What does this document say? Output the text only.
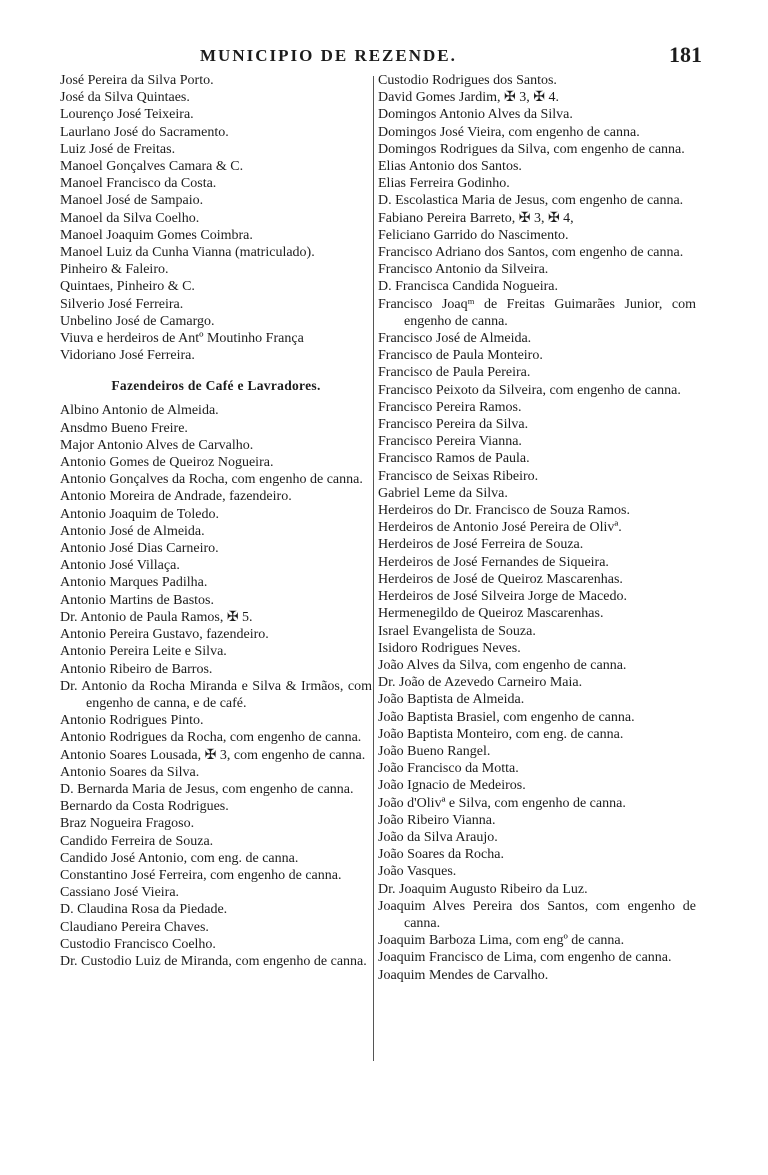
MUNICIPIO DE REZENDE.	181
José Pereira da Silva Porto.
José da Silva Quintaes.
Lourenço José Teixeira.
Laurlano José do Sacramento.
Luiz José de Freitas.
Manoel Gonçalves Camara & C.
Manoel Francisco da Costa.
Manoel José de Sampaio.
Manoel da Silva Coelho.
Manoel Joaquim Gomes Coimbra.
Manoel Luiz da Cunha Vianna (matriculado).
Pinheiro & Faleiro.
Quintaes, Pinheiro & C.
Silverio José Ferreira.
Unbelino José de Camargo.
Viuva e herdeiros de Antº Moutinho França
Vidoriano José Ferreira.
Fazendeiros de Café e Lavradores.
Albino Antonio de Almeida.
Ansdmo Bueno Freire.
Major Antonio Alves de Carvalho.
Antonio Gomes de Queiroz Nogueira.
Antonio Gonçalves da Rocha, com engenho de canna.
Antonio Moreira de Andrade, fazendeiro.
Antonio Joaquim de Toledo.
Antonio José de Almeida.
Antonio José Dias Carneiro.
Antonio José Villaça.
Antonio Marques Padilha.
Antonio Martins de Bastos.
Dr. Antonio de Paula Ramos, ✠ 5.
Antonio Pereira Gustavo, fazendeiro.
Antonio Pereira Leite e Silva.
Antonio Ribeiro de Barros.
Dr. Antonio da Rocha Miranda e Silva & Irmãos, com engenho de canna, e de café.
Antonio Rodrigues Pinto.
Antonio Rodrigues da Rocha, com engenho de canna.
Antonio Soares Lousada, ✠ 3, com engenho de canna.
Antonio Soares da Silva.
D. Bernarda Maria de Jesus, com engenho de canna.
Bernardo da Costa Rodrigues.
Braz Nogueira Fragoso.
Candido Ferreira de Souza.
Candido José Antonio, com eng. de canna.
Constantino José Ferreira, com engenho de canna.
Cassiano José Vieira.
D. Claudina Rosa da Piedade.
Claudiano Pereira Chaves.
Custodio Francisco Coelho.
Dr. Custodio Luiz de Miranda, com engenho de canna.
Custodio Rodrigues dos Santos.
David Gomes Jardim, ✠ 3, ✠ 4.
Domingos Antonio Alves da Silva.
Domingos José Vieira, com engenho de canna.
Domingos Rodrigues da Silva, com engenho de canna.
Elias Antonio dos Santos.
Elias Ferreira Godinho.
D. Escolastica Maria de Jesus, com engenho de canna.
Fabiano Pereira Barreto, ✠ 3, ✠ 4,
Feliciano Garrido do Nascimento.
Francisco Adriano dos Santos, com engenho de canna.
Francisco Antonio da Silveira.
D. Francisca Candida Nogueira.
Francisco Joaqᵐ de Freitas Guimarães Junior, com engenho de canna.
Francisco José de Almeida.
Francisco de Paula Monteiro.
Francisco de Paula Pereira.
Francisco Peixoto da Silveira, com engenho de canna.
Francisco Pereira Ramos.
Francisco Pereira da Silva.
Francisco Pereira Vianna.
Francisco Ramos de Paula.
Francisco de Seixas Ribeiro.
Gabriel Leme da Silva.
Herdeiros do Dr. Francisco de Souza Ramos.
Herdeiros de Antonio José Pereira de Olivª.
Herdeiros de José Ferreira de Souza.
Herdeiros de José Fernandes de Siqueira.
Herdeiros de José de Queiroz Mascarenhas.
Herdeiros de José Silveira Jorge de Macedo.
Hermenegildo de Queiroz Mascarenhas.
Israel Evangelista de Souza.
Isidoro Rodrigues Neves.
João Alves da Silva, com engenho de canna.
Dr. João de Azevedo Carneiro Maia.
João Baptista de Almeida.
João Baptista Brasiel, com engenho de canna.
João Baptista Monteiro, com eng. de canna.
João Bueno Rangel.
João Francisco da Motta.
João Ignacio de Medeiros.
João d'Olivª e Silva, com engenho de canna.
João Ribeiro Vianna.
João da Silva Araujo.
João Soares da Rocha.
João Vasques.
Dr. Joaquim Augusto Ribeiro da Luz.
Joaquim Alves Pereira dos Santos, com engenho de canna.
Joaquim Barboza Lima, com engº de canna.
Joaquim Francisco de Lima, com engenho de canna.
Joaquim Mendes de Carvalho.
